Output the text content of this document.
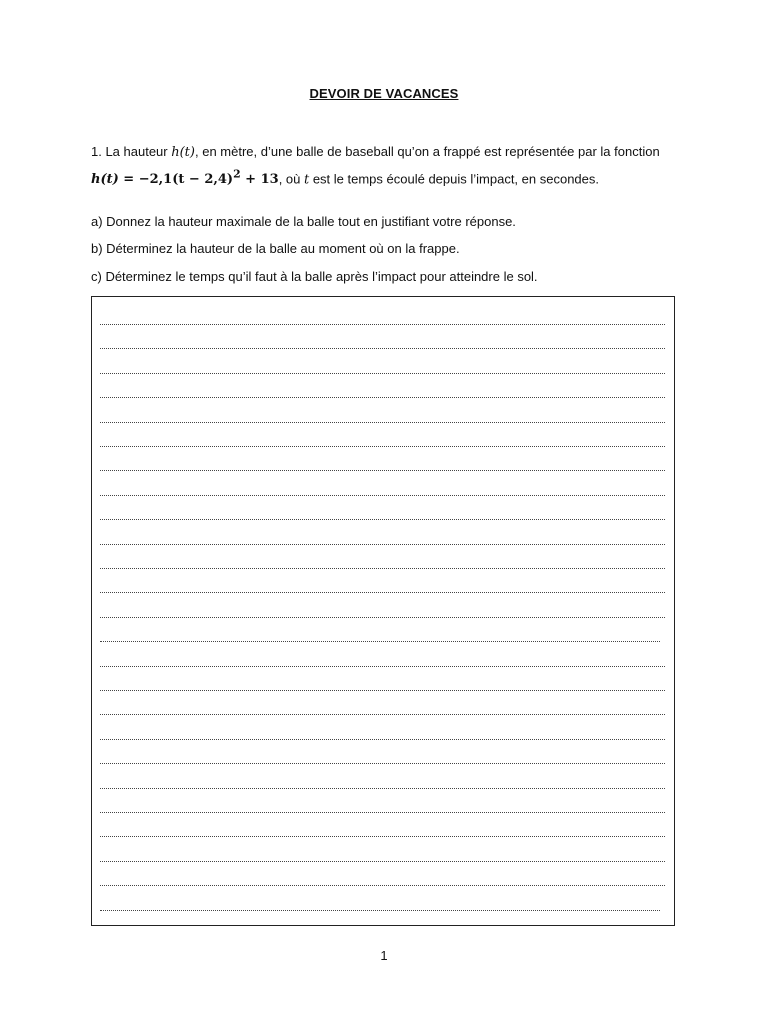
DEVOIR DE VACANCES
1. La hauteur h(t), en mètre, d’une balle de baseball qu’on a frappé est représentée par la fonction $h(t) = -2,1(t - 2,4)^2 + 13$, où t est le temps écoulé depuis l’impact, en secondes.
a) Donnez la hauteur maximale de la balle tout en justifiant votre réponse.
b) Déterminez la hauteur de la balle au moment où on la frappe.
c) Déterminez le temps qu’il faut à la balle après l’impact pour atteindre le sol.
1
